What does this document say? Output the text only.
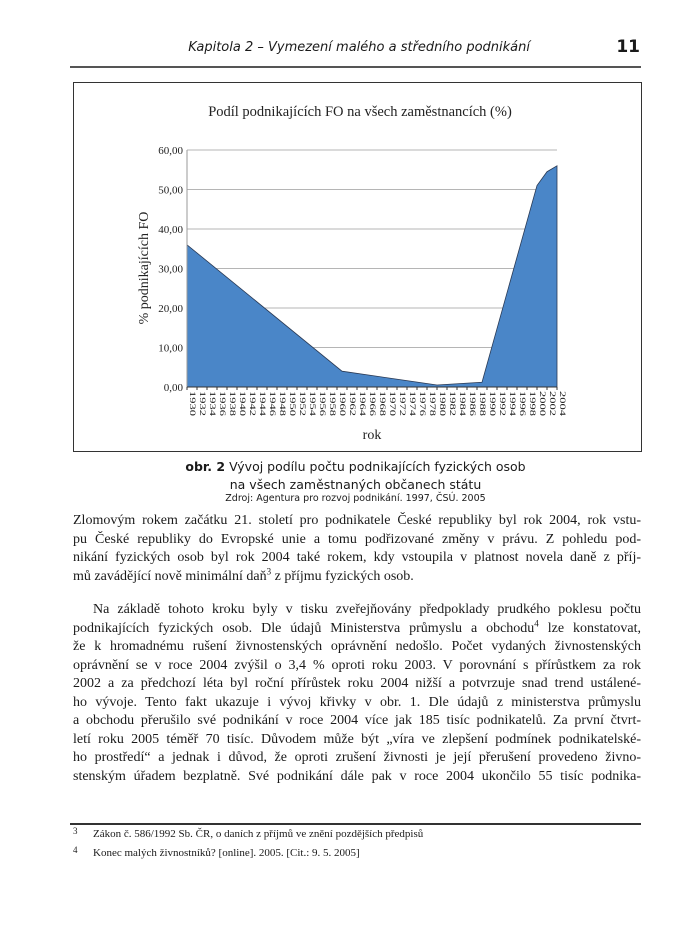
Kapitola 2 – Vymezení malého a středního podnikání	11
Podíl podnikajících FO na všech zaměstnancích (%)
0,00
10,00
20,00
30,00
40,00
50,00
60,00
1930 1932 1934 1936 1938 1940 1942 1944 1946 1948 1950 1952 1954 1956 1958 1960 1962 1964 1966 1968 1970 1972 1974 1976 1978 1980 1982 1984 1986 1988 1990 1992 1994 1996 1998 2000 2002 2004
rok
% podnikajících FO
obr. 2 Vývoj podílu počtu podnikajících fyzických osob
na všech zaměstnaných občanech státu
Zdroj: Agentura pro rozvoj podnikání. 1997, ČSÚ. 2005
Zlomovým rokem začátku 21. století pro podnikatele České republiky byl rok 2004, rok vstu-
pu České republiky do Evropské unie a tomu podřizované změny v právu. Z pohledu pod-
nikání fyzických osob byl rok 2004 také rokem, kdy vstoupila v platnost novela daně z příj-
mů zavádějící nově minimální daň$^3$ z příjmu fyzických osob.
Na základě tohoto kroku byly v tisku zveřejňovány předpoklady prudkého poklesu počtu
podnikajících fyzických osob. Dle údajů Ministerstva průmyslu a obchodu$^4$ lze konstatovat,
že k hromadnému rušení živnostenských oprávnění nedošlo. Počet vydaných živnostenských
oprávnění se v roce 2004 zvýšil o 3,4 % oproti roku 2003. V porovnání s přírůstkem za rok
2002 a za předchozí léta byl roční přírůstek roku 2004 nižší a potvrzuje snad trend ustálené-
ho vývoje. Tento fakt ukazuje i vývoj křivky v obr. 1. Dle údajů z ministerstva průmyslu
a obchodu přerušilo své podnikání v roce 2004 více jak 185 tisíc podnikatelů. Za první čtvrt-
letí roku 2005 téměř 70 tisíc. Důvodem může být „víra ve zlepšení podmínek podnikatelské-
ho prostředí“ a jednak i důvod, že oproti zrušení živnosti je její přerušení provedeno živno-
stenským úřadem bezplatně. Své podnikání dále pak v roce 2004 ukončilo 55 tisíc podnika-
3 Zákon č. 586/1992 Sb. ČR, o daních z příjmů ve znění pozdějších předpisů
4 Konec malých živnostníků? [online]. 2005. [Cit.: 9. 5. 2005]
